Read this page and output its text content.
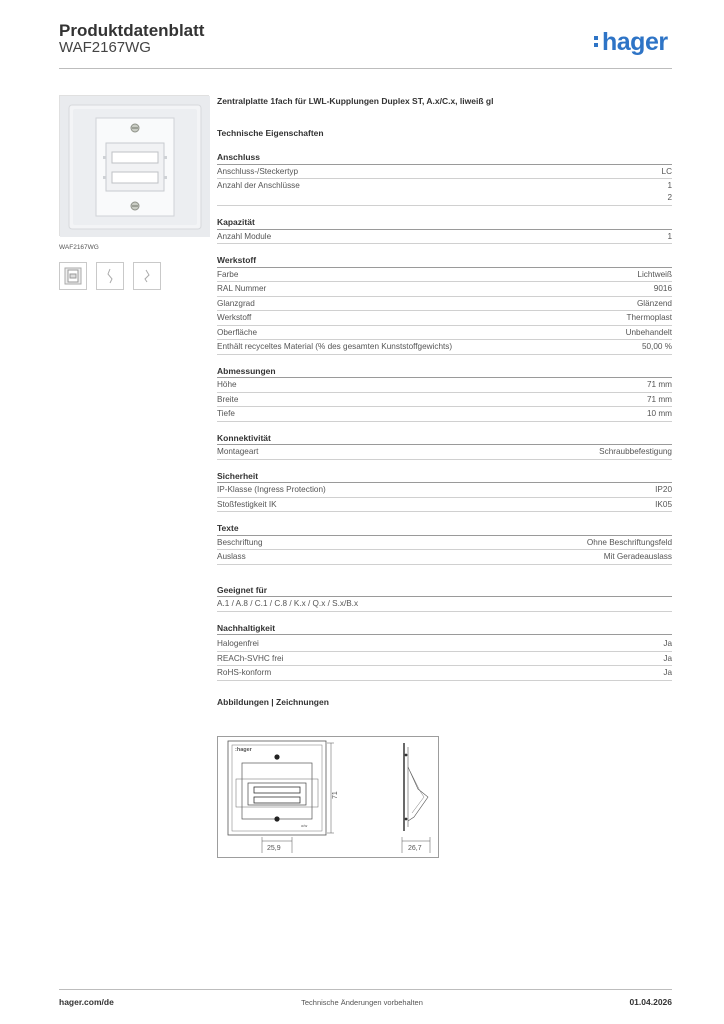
Produktdatenblatt
WAF2167WG	hager
WAF2167WG
Zentralplatte 1fach für LWL-Kupplungen Duplex ST, A.x/C.x, liweiß gl
Technische Eigenschaften
Anschluss
Anschluss-/Steckertyp	LC
Anzahl der Anschlüsse	1
2
Kapazität
Anzahl Module	1
Werkstoff
Farbe	Lichtweiß
RAL Nummer	9016
Glanzgrad	Glänzend
Werkstoff	Thermoplast
Oberfläche	Unbehandelt
Enthält recyceltes Material (% des gesamten Kunststoffgewichts)	50,00 %
Abmessungen
Höhe	71 mm
Breite	71 mm
Tiefe	10 mm
Konnektivität
Montageart	Schraubbefestigung
Sicherheit
IP-Klasse (Ingress Protection)	IP20
Stoßfestigkeit IK	IK05
Texte
Beschriftung	Ohne Beschriftungsfeld
Auslass	Mit Geradeauslass
Geeignet für
A.1 / A.8 / C.1 / C.8 / K.x / Q.x / S.x/B.x
Nachhaltigkeit
Halogenfrei	Ja
REACh-SVHC frei	Ja
RoHS-konform	Ja
Abbildungen | Zeichnungen
:hager
o/w
71
25,9	26,7
hager.com/de	Technische Änderungen vorbehalten	01.04.2026
